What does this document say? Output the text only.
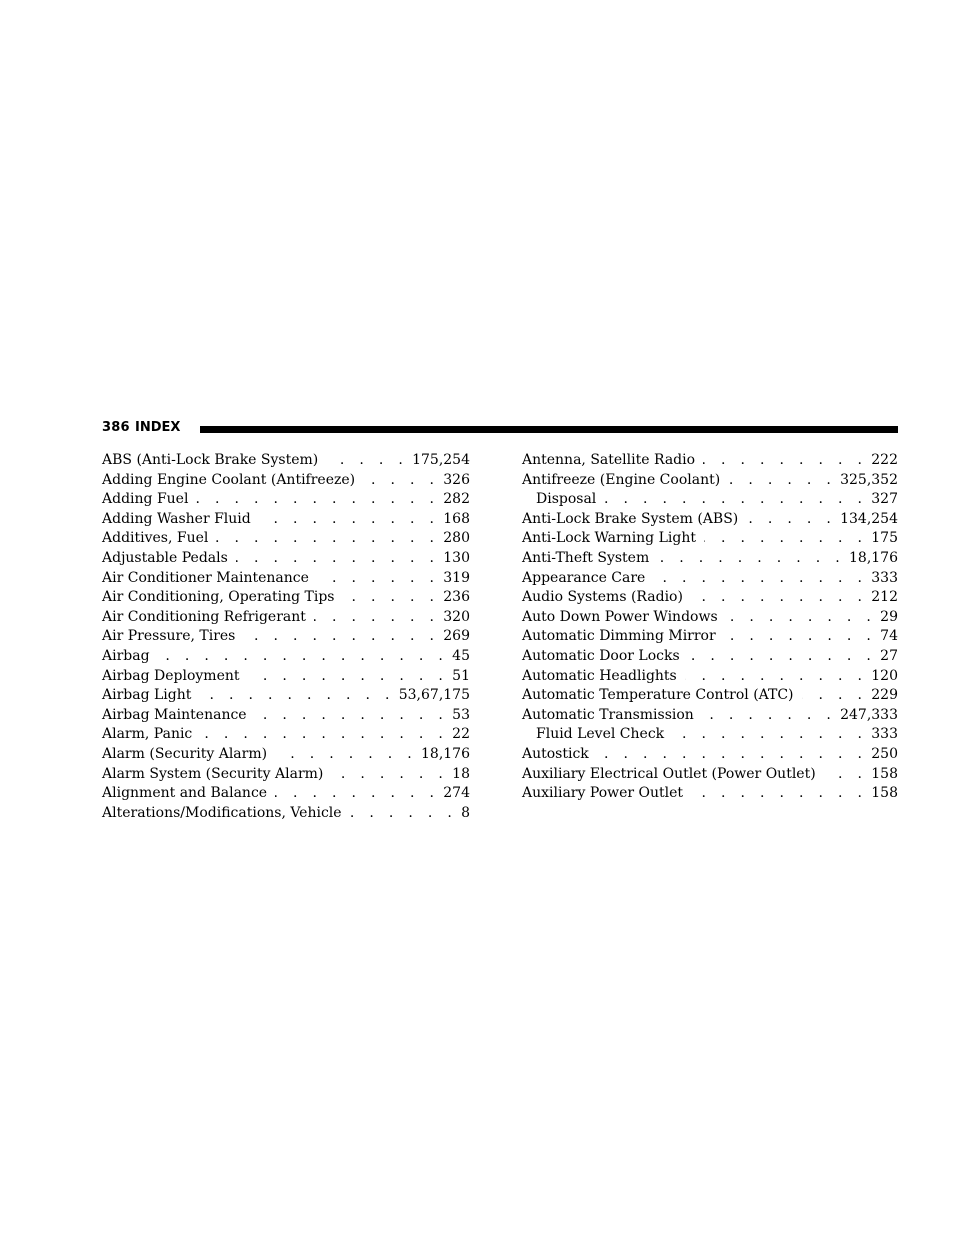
386 INDEX
ABS (Anti-Lock Brake System) . . .	175,254
Adding Engine Coolant (Antifreeze) . . .	326
Adding Fuel . . .	282
Adding Washer Fluid . . .	168
Additives, Fuel . . .	280
Adjustable Pedals . . .	130
Air Conditioner Maintenance . . .	319
Air Conditioning, Operating Tips . . .	236
Air Conditioning Refrigerant . . .	320
Air Pressure, Tires . . .	269
Airbag . . .	45
Airbag Deployment . . .	51
Airbag Light . . .	53,67,175
Airbag Maintenance . . .	53
Alarm, Panic . . .	22
Alarm (Security Alarm) . . .	18,176
Alarm System (Security Alarm) . . .	18
Alignment and Balance . . .	274
Alterations/Modifications, Vehicle . . .	8
Antenna, Satellite Radio . . .	222
Antifreeze (Engine Coolant) . . .	325,352
Disposal . . .	327
Anti-Lock Brake System (ABS) . . .	134,254
Anti-Lock Warning Light . . .	175
Anti-Theft System . . .	18,176
Appearance Care . . .	333
Audio Systems (Radio) . . .	212
Auto Down Power Windows . . .	29
Automatic Dimming Mirror . . .	74
Automatic Door Locks . . .	27
Automatic Headlights . . .	120
Automatic Temperature Control (ATC) . . .	229
Automatic Transmission . . .	247,333
Fluid Level Check . . .	333
Autostick . . .	250
Auxiliary Electrical Outlet (Power Outlet) . . .	158
Auxiliary Power Outlet . . .	158
